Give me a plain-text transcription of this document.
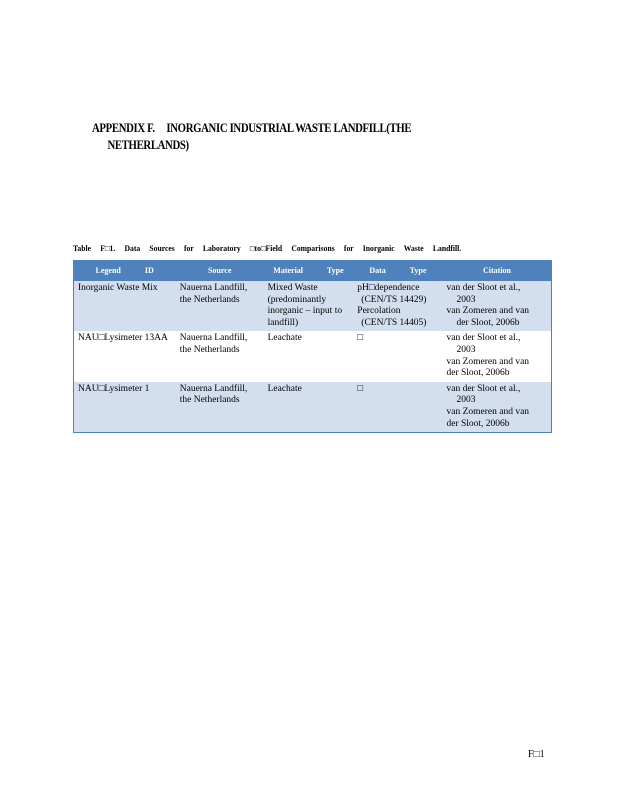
APPENDIX F.     INORGANIC INDUSTRIAL WASTE LANDFILL(THE
NETHERLANDS)
Table  F□1.  Data  Sources  for  Laboratory  □to□Field  Comparisons  for  Inorganic  Waste  Landfill.
Legend    ID	Source	Material    Type	Data    Type	Citation
Inorganic Waste Mix	Nauerna Landfill, the Netherlands	Mixed Waste (predominantly inorganic – input to landfill)	pH□dependence
(CEN/TS 14429)
Percolation
(CEN/TS 14405)	van der Sloot et al.,
2003
van Zomeren and van
der Sloot, 2006b

NAU□Lysimeter 13AA	Nauerna Landfill, the Netherlands	Leachate	□	van der Sloot et al.,
2003
van Zomeren and van
der Sloot, 2006b

NAU□Lysimeter 1	Nauerna Landfill, the Netherlands	Leachate	□	van der Sloot et al.,
2003
van Zomeren and van
der Sloot, 2006b
F□1
